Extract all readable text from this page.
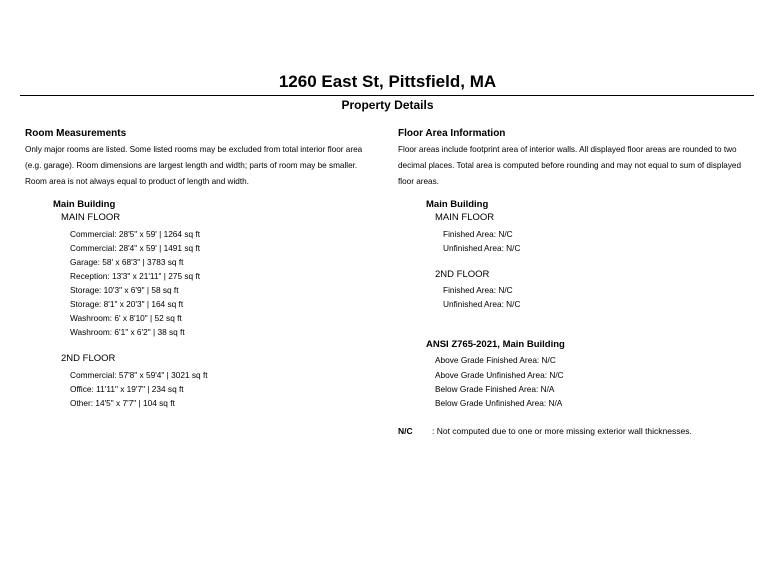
1260 East St, Pittsfield, MA
Property Details
Room Measurements
Only major rooms are listed. Some listed rooms may be excluded from total interior floor area
(e.g. garage). Room dimensions are largest length and width; parts of room may be smaller.
Room area is not always equal to product of length and width.
Main Building
MAIN FLOOR
Commercial: 28'5" x 59' | 1264 sq ft
Commercial: 28'4" x 59' | 1491 sq ft
Garage: 58' x 68'3" | 3783 sq ft
Reception: 13'3" x 21'11" | 275 sq ft
Storage: 10'3" x 6'9" | 58 sq ft
Storage: 8'1" x 20'3" | 164 sq ft
Washroom: 6' x 8'10" | 52 sq ft
Washroom: 6'1" x 6'2" | 38 sq ft
2ND FLOOR
Commercial: 57'8" x 59'4" | 3021 sq ft
Office: 11'11" x 19'7" | 234 sq ft
Other: 14'5" x 7'7" | 104 sq ft
Floor Area Information
Floor areas include footprint area of interior walls. All displayed floor areas are rounded to two
decimal places. Total area is computed before rounding and may not equal to sum of displayed
floor areas.
Main Building
MAIN FLOOR
Finished Area: N/C
Unfinished Area: N/C
2ND FLOOR
Finished Area: N/C
Unfinished Area: N/C
ANSI Z765-2021, Main Building
Above Grade Finished Area: N/C
Above Grade Unfinished Area: N/C
Below Grade Finished Area: N/A
Below Grade Unfinished Area: N/A
N/C : Not computed due to one or more missing exterior wall thicknesses.
